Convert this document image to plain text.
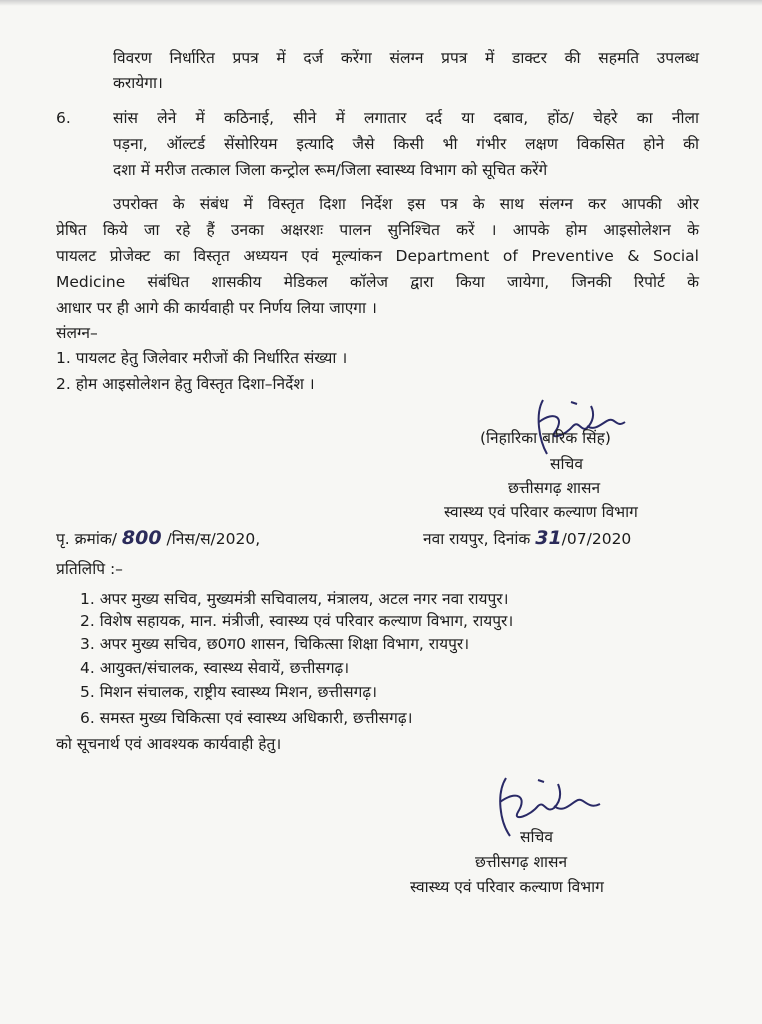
विवरण निर्धारित प्रपत्र में दर्ज करेंगा संलग्न प्रपत्र में डाक्टर की सहमति उपलब्ध
करायेगा।
6.	सांस लेने में कठिनाई, सीने में लगातार दर्द या दबाव, होंठ/ चेहरे का नीला
पड़ना, ऑल्टर्ड सेंसोरियम इत्यादि जैसे किसी भी गंभीर लक्षण विकसित होने की
दशा में मरीज तत्काल जिला कन्ट्रोल रूम/जिला स्वास्थ्य विभाग को सूचित करेंगे
उपरोक्त के संबंध में विस्तृत दिशा निर्देश इस पत्र के साथ संलग्न कर आपकी ओर
प्रेषित किये जा रहे हैं उनका अक्षरशः पालन सुनिश्चित करें । आपके होम आइसोलेशन के
पायलट प्रोजेक्ट का विस्तृत अध्ययन एवं मूल्यांकन Department of Preventive & Social
Medicine संबंधित शासकीय मेडिकल कॉलेज द्वारा किया जायेगा, जिनकी रिपोर्ट के
आधार पर ही आगे की कार्यवाही पर निर्णय लिया जाएगा ।
संलग्न–
1. पायलट हेतु जिलेवार मरीजों की निर्धारित संख्या ।
2. होम आइसोलेशन हेतु विस्तृत दिशा–निर्देश ।
(निहारिका बारिक सिंह)
सचिव
छत्तीसगढ़ शासन
स्वास्थ्य एवं परिवार कल्याण विभाग
पृ. क्रमांक/ 800 /निस/स/2020,	नवा रायपुर, दिनांक 31/07/2020
प्रतिलिपि :–
1. अपर मुख्य सचिव, मुख्यमंत्री सचिवालय, मंत्रालय, अटल नगर नवा रायपुर।
2. विशेष सहायक, मान. मंत्रीजी, स्वास्थ्य एवं परिवार कल्याण विभाग, रायपुर।
3. अपर मुख्य सचिव, छ0ग0 शासन, चिकित्सा शिक्षा विभाग, रायपुर।
4. आयुक्त/संचालक, स्वास्थ्य सेवायें, छत्तीसगढ़।
5. मिशन संचालक, राष्ट्रीय स्वास्थ्य मिशन, छत्तीसगढ़।
6. समस्त मुख्य चिकित्सा एवं स्वास्थ्य अधिकारी, छत्तीसगढ़।
को सूचनार्थ एवं आवश्यक कार्यवाही हेतु।
सचिव
छत्तीसगढ़ शासन
स्वास्थ्य एवं परिवार कल्याण विभाग
